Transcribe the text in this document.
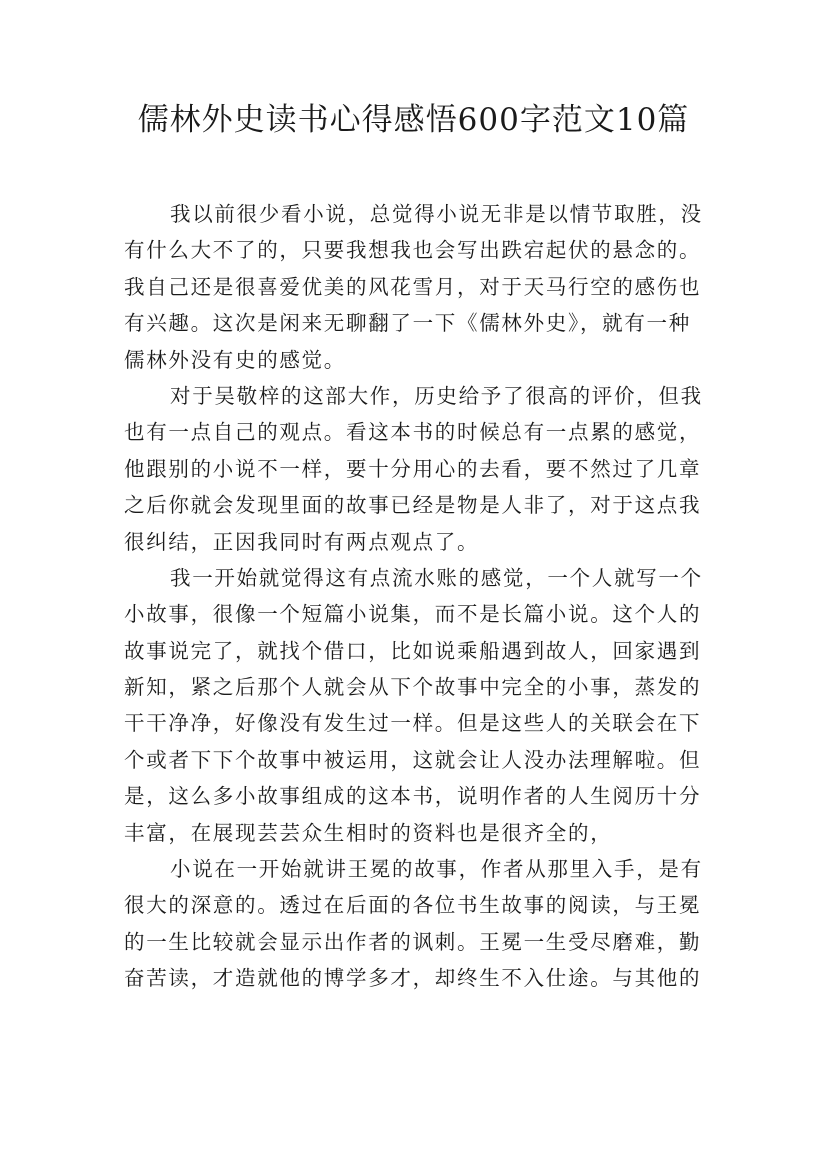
儒林外史读书心得感悟600字范文10篇
我以前很少看小说，总觉得小说无非是以情节取胜，没
有什么大不了的，只要我想我也会写出跌宕起伏的悬念的。
我自己还是很喜爱优美的风花雪月，对于天马行空的感伤也
有兴趣。这次是闲来无聊翻了一下《儒林外史》，就有一种
儒林外没有史的感觉。
对于吴敬梓的这部大作，历史给予了很高的评价，但我
也有一点自己的观点。看这本书的时候总有一点累的感觉，
他跟别的小说不一样，要十分用心的去看，要不然过了几章
之后你就会发现里面的故事已经是物是人非了，对于这点我
很纠结，正因我同时有两点观点了。
我一开始就觉得这有点流水账的感觉，一个人就写一个
小故事，很像一个短篇小说集，而不是长篇小说。这个人的
故事说完了，就找个借口，比如说乘船遇到故人，回家遇到
新知，紧之后那个人就会从下个故事中完全的小事，蒸发的
干干净净，好像没有发生过一样。但是这些人的关联会在下
个或者下下个故事中被运用，这就会让人没办法理解啦。但
是，这么多小故事组成的这本书，说明作者的人生阅历十分
丰富，在展现芸芸众生相时的资料也是很齐全的，
小说在一开始就讲王冕的故事，作者从那里入手，是有
很大的深意的。透过在后面的各位书生故事的阅读，与王冕
的一生比较就会显示出作者的讽刺。王冕一生受尽磨难，勤
奋苦读，才造就他的博学多才，却终生不入仕途。与其他的
